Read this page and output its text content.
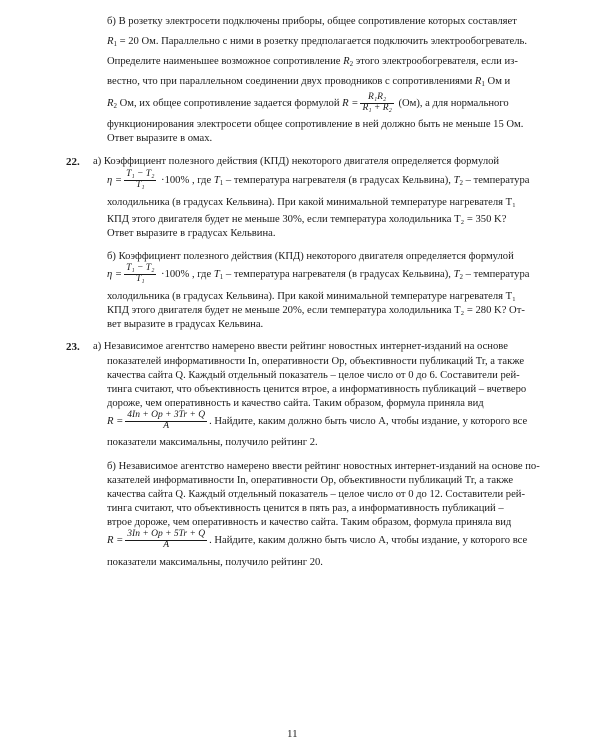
б) В розетку электросети подключены приборы, общее сопротивление которых составляет
$R_1 = 20$ Ом. Параллельно с ними в розетку предполагается подключить электрообогреватель.
Определите наименьшее возможное сопротивление $R_2$ этого электрообогревателя, если из-
вестно, что при параллельном соединении двух проводников с сопротивлениями $R_1$ Ом и
$R_2$ Ом, их общее сопротивление задается формулой $R = \frac{\text{R₁R₂}}{\text{R₁ + R₂}} (Ом)$, а для нормального
функционирования электросети общее сопротивление в ней должно быть не меньше 15 Ом.
Ответ выразите в омах.
22. а) Коэффициент полезного действия (КПД) некоторого двигателя определяется формулой
$\eta = \frac{\text{T₁ − T₂}}{\text{T₁}} \cdot 100\%$ , где $T_1$ – температура нагревателя (в градусах Кельвина), $T_2$ – температура
холодильника (в градусах Кельвина). При какой минимальной температуре нагревателя T₁
КПД этого двигателя будет не меньше 30%, если температура холодильника T₂ = 350 K?
Ответ выразите в градусах Кельвина.
б) Коэффициент полезного действия (КПД) некоторого двигателя определяется формулой
$\eta = \frac{\text{T₁ − T₂}}{\text{T₁}} \cdot 100\%$ , где $T_1$ – температура нагревателя (в градусах Кельвина), $T_2$ – температура
холодильника (в градусах Кельвина). При какой минимальной температуре нагревателя T₁
КПД этого двигателя будет не меньше 20%, если температура холодильника T₂ = 280 K? От-
вет выразите в градусах Кельвина.
23. а) Независимое агентство намерено ввести рейтинг новостных интернет-изданий на основе
показателей информативности In, оперативности Op, объективности публикаций Tr, а также
качества сайта Q. Каждый отдельный показатель – целое число от 0 до 6. Составители рей-
тинга считают, что объективность ценится втрое, а информативность публикаций – вчетверо
дороже, чем оперативность и качество сайта. Таким образом, формула приняла вид
$R = \frac{4In + Op + 3Tr + Q}{A}$ . Найдите, каким должно быть число A, чтобы издание, у которого все
показатели максимальны, получило рейтинг 2.
б) Независимое агентство намерено ввести рейтинг новостных интернет-изданий на основе по-
казателей информативности In, оперативности Op, объективности публикаций Tr, а также
качества сайта Q. Каждый отдельный показатель – целое число от 0 до 12. Составители рей-
тинга считают, что объективность ценится в пять раз, а информативность публикаций –
втрое дороже, чем оперативность и качество сайта. Таким образом, формула приняла вид
$R = \frac{3In + Op + 5Tr + Q}{A}$ . Найдите, каким должно быть число A, чтобы издание, у которого все
показатели максимальны, получило рейтинг 20.
11
